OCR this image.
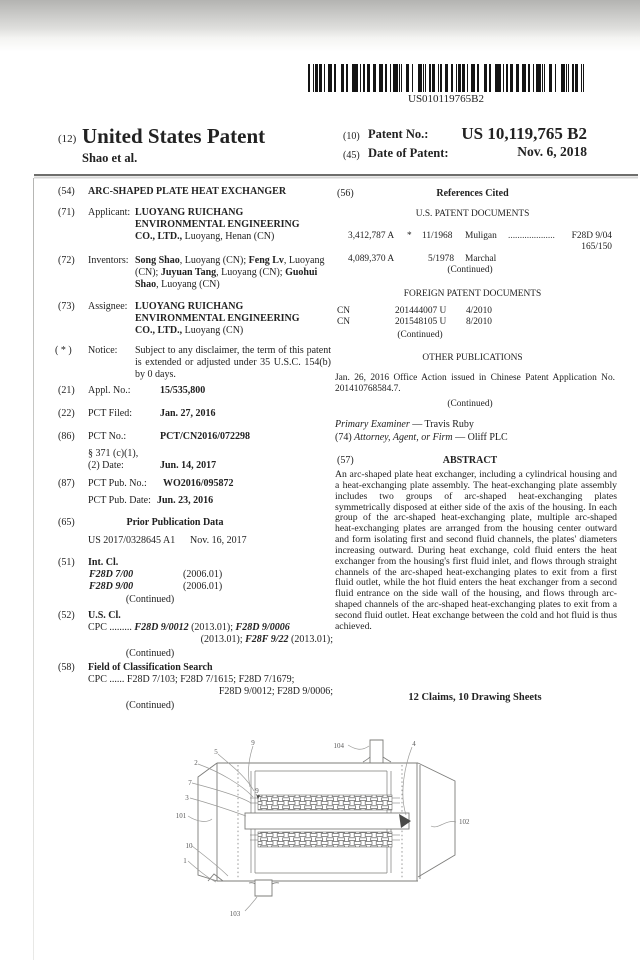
US010119765B2
(12) United States Patent
Shao et al.
(10) Patent No.:	US 10,119,765 B2
(45) Date of Patent:	Nov. 6, 2018
(54) ARC-SHAPED PLATE HEAT EXCHANGER
(71) Applicant: LUOYANG RUICHANG
ENVIRONMENTAL ENGINEERING
CO., LTD., Luoyang, Henan (CN)
(72) Inventors: Song Shao, Luoyang (CN); Feng Lv, Luoyang (CN); Juyuan Tang, Luoyang (CN); Guohui Shao, Luoyang (CN)
(73) Assignee: LUOYANG RUICHANG
ENVIRONMENTAL ENGINEERING
CO., LTD., Luoyang (CN)
( * ) Notice: Subject to any disclaimer, the term of this patent is extended or adjusted under 35 U.S.C. 154(b) by 0 days.
(21) Appl. No.:	15/535,800
(22) PCT Filed:	Jan. 27, 2016
(86) PCT No.:	PCT/CN2016/072298
§ 371 (c)(1),
(2) Date:	Jun. 14, 2017
(87) PCT Pub. No.: WO2016/095872
PCT Pub. Date: Jun. 23, 2016
(65)	Prior Publication Data
US 2017/0328645 A1 Nov. 16, 2017
(51) Int. Cl.
F28D 7/00	(2006.01)
F28D 9/00	(2006.01)
(Continued)
(52) U.S. Cl.
CPC ......... F28D 9/0012 (2013.01); F28D 9/0006
(2013.01); F28F 9/22 (2013.01);
(Continued)
(58) Field of Classification Search
CPC ...... F28D 7/103; F28D 7/1615; F28D 7/1679;
F28D 9/0012; F28D 9/0006;
(Continued)
(56)	References Cited
U.S. PATENT DOCUMENTS
3,412,787 A * 11/1968 Muligan ....................	F28D 9/04
165/150
4,089,370 A	5/1978 Marchal
(Continued)
FOREIGN PATENT DOCUMENTS
CN	201444007 U	4/2010
CN	201548105 U	8/2010
(Continued)
OTHER PUBLICATIONS
Jan. 26, 2016 Office Action issued in Chinese Patent Application No. 201410768584.7.
(Continued)
Primary Examiner — Travis Ruby
(74) Attorney, Agent, or Firm — Oliff PLC
(57)	ABSTRACT
An arc-shaped plate heat exchanger, including a cylindrical housing and a heat-exchanging plate assembly. The heat-exchanging plate assembly includes two groups of arc-shaped heat-exchanging plates symmetrically disposed at either side of the axis of the housing. In each group of the arc-shaped heat-exchanging plate, multiple arc-shaped heat-exchanging plates are arranged from the housing center outward and form isolating first and second fluid channels, the plates' diameters increasing outward. During heat exchange, cold fluid enters the heat exchanger from the housing's first fluid inlet, and flows through straight channels of the arc-shaped heat-exchanging plates to exit from a first fluid outlet, while the hot fluid enters the heat exchanger from a second fluid entrance on the side wall of the housing, and flows through arc-shaped channels of the arc-shaped heat-exchanging plates to exit from a second fluid outlet. Heat exchange between the cold and hot fluid is thus achieved.
12 Claims, 10 Drawing Sheets
5
9
9
104	4
2
7
3
101
10
1
102
103
